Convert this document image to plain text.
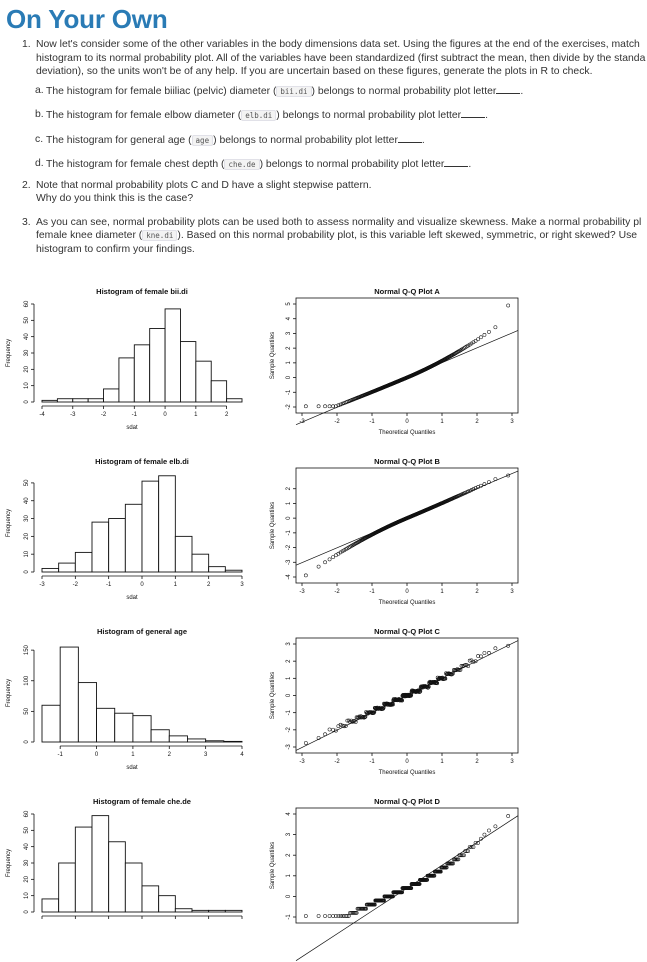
On Your Own
1. Now let's consider some of the other variables in the body dimensions data set. Using the figures at the end of the exercises, match
histogram to its normal probability plot. All of the variables have been standardized (first subtract the mean, then divide by the standa
deviation), so the units won't be of any help. If you are uncertain based on these figures, generate the plots in R to check.
a. The histogram for female biiliac (pelvic) diameter ( bii.di ) belongs to normal probability plot letter .
b. The histogram for female elbow diameter ( elb.di ) belongs to normal probability plot letter .
c. The histogram for general age ( age ) belongs to normal probability plot letter .
d. The histogram for female chest depth ( che.de ) belongs to normal probability plot letter .
2. Note that normal probability plots C and D have a slight stepwise pattern.
Why do you think this is the case?
3. As you can see, normal probability plots can be used both to assess normality and visualize skewness. Make a normal probability pl
female knee diameter ( kne.di ). Based on this normal probability plot, is this variable left skewed, symmetric, or right skewed? Use
histogram to confirm your findings.
Histogram of female bii.di
0
10
20
30
40
50
60
Frequency
-4	-3	-2	-1	0	1	2
sdat
Normal Q-Q Plot A
-2
-1
0
1
2
3
4
5
Sample Quantiles
-3	-2	-1	0	1	2	3
Theoretical Quantiles
Histogram of female elb.di
0
10
20
30
40
50
Frequency
-3	-2	-1	0	1	2	3
sdat
Normal Q-Q Plot B
-4
-3
-2
-1
0
1
2
Sample Quantiles
-3	-2	-1	0	1	2	3
Theoretical Quantiles
Histogram of general age
0
50
100
150
Frequency
-1	0	1	2	3	4
sdat
Normal Q-Q Plot C
-3
-2
-1
0
1
2
3
Sample Quantiles
-3	-2	-1	0	1	2	3
Theoretical Quantiles
Histogram of female che.de
0
10
20
30
40
50
60
Frequency
Normal Q-Q Plot D
-1
0
1
2
3
4
Sample Quantiles
